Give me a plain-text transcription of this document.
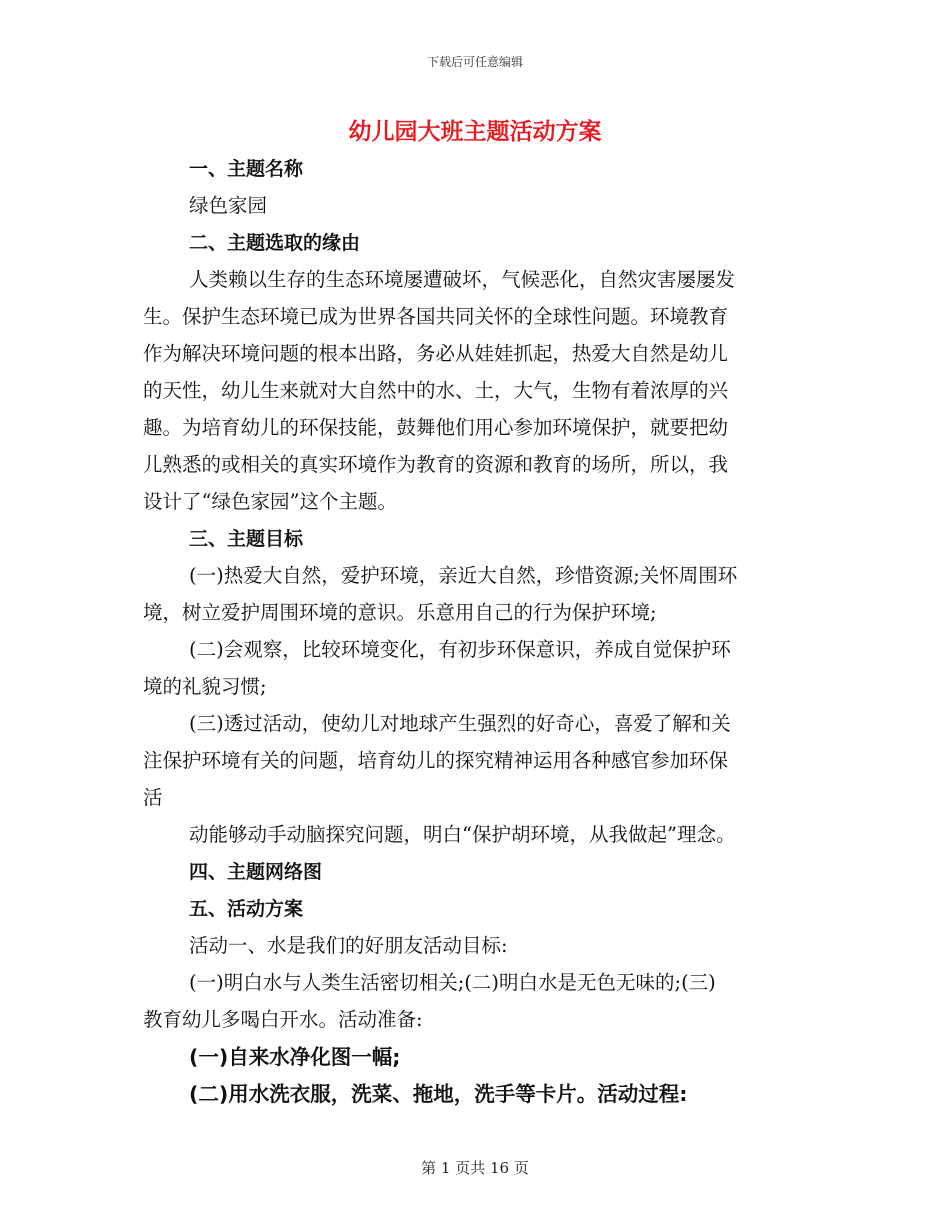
下载后可任意编辑
幼儿园大班主题活动方案
一、主题名称
绿色家园
二、主题选取的缘由
人类赖以生存的生态环境屡遭破坏，气候恶化，自然灾害屡屡发
生。保护生态环境已成为世界各国共同关怀的全球性问题。环境教育
作为解决环境问题的根本出路，务必从娃娃抓起，热爱大自然是幼儿
的天性，幼儿生来就对大自然中的水、土，大气，生物有着浓厚的兴
趣。为培育幼儿的环保技能，鼓舞他们用心参加环境保护，就要把幼
儿熟悉的或相关的真实环境作为教育的资源和教育的场所，所以，我
设计了“绿色家园”这个主题。
三、主题目标
(一)热爱大自然，爱护环境，亲近大自然，珍惜资源;关怀周围环
境，树立爱护周围环境的意识。乐意用自己的行为保护环境;
(二)会观察，比较环境变化，有初步环保意识，养成自觉保护环
境的礼貌习惯;
(三)透过活动，使幼儿对地球产生强烈的好奇心，喜爱了解和关
注保护环境有关的问题，培育幼儿的探究精神运用各种感官参加环保
活
动能够动手动脑探究问题，明白“保护胡环境，从我做起”理念。
四、主题网络图
五、活动方案
活动一、水是我们的好朋友活动目标:
(一)明白水与人类生活密切相关;(二)明白水是无色无味的;(三)
教育幼儿多喝白开水。活动准备:
(一)自来水净化图一幅;
(二)用水洗衣服，洗菜、拖地，洗手等卡片。活动过程:
第 1 页共 16 页
